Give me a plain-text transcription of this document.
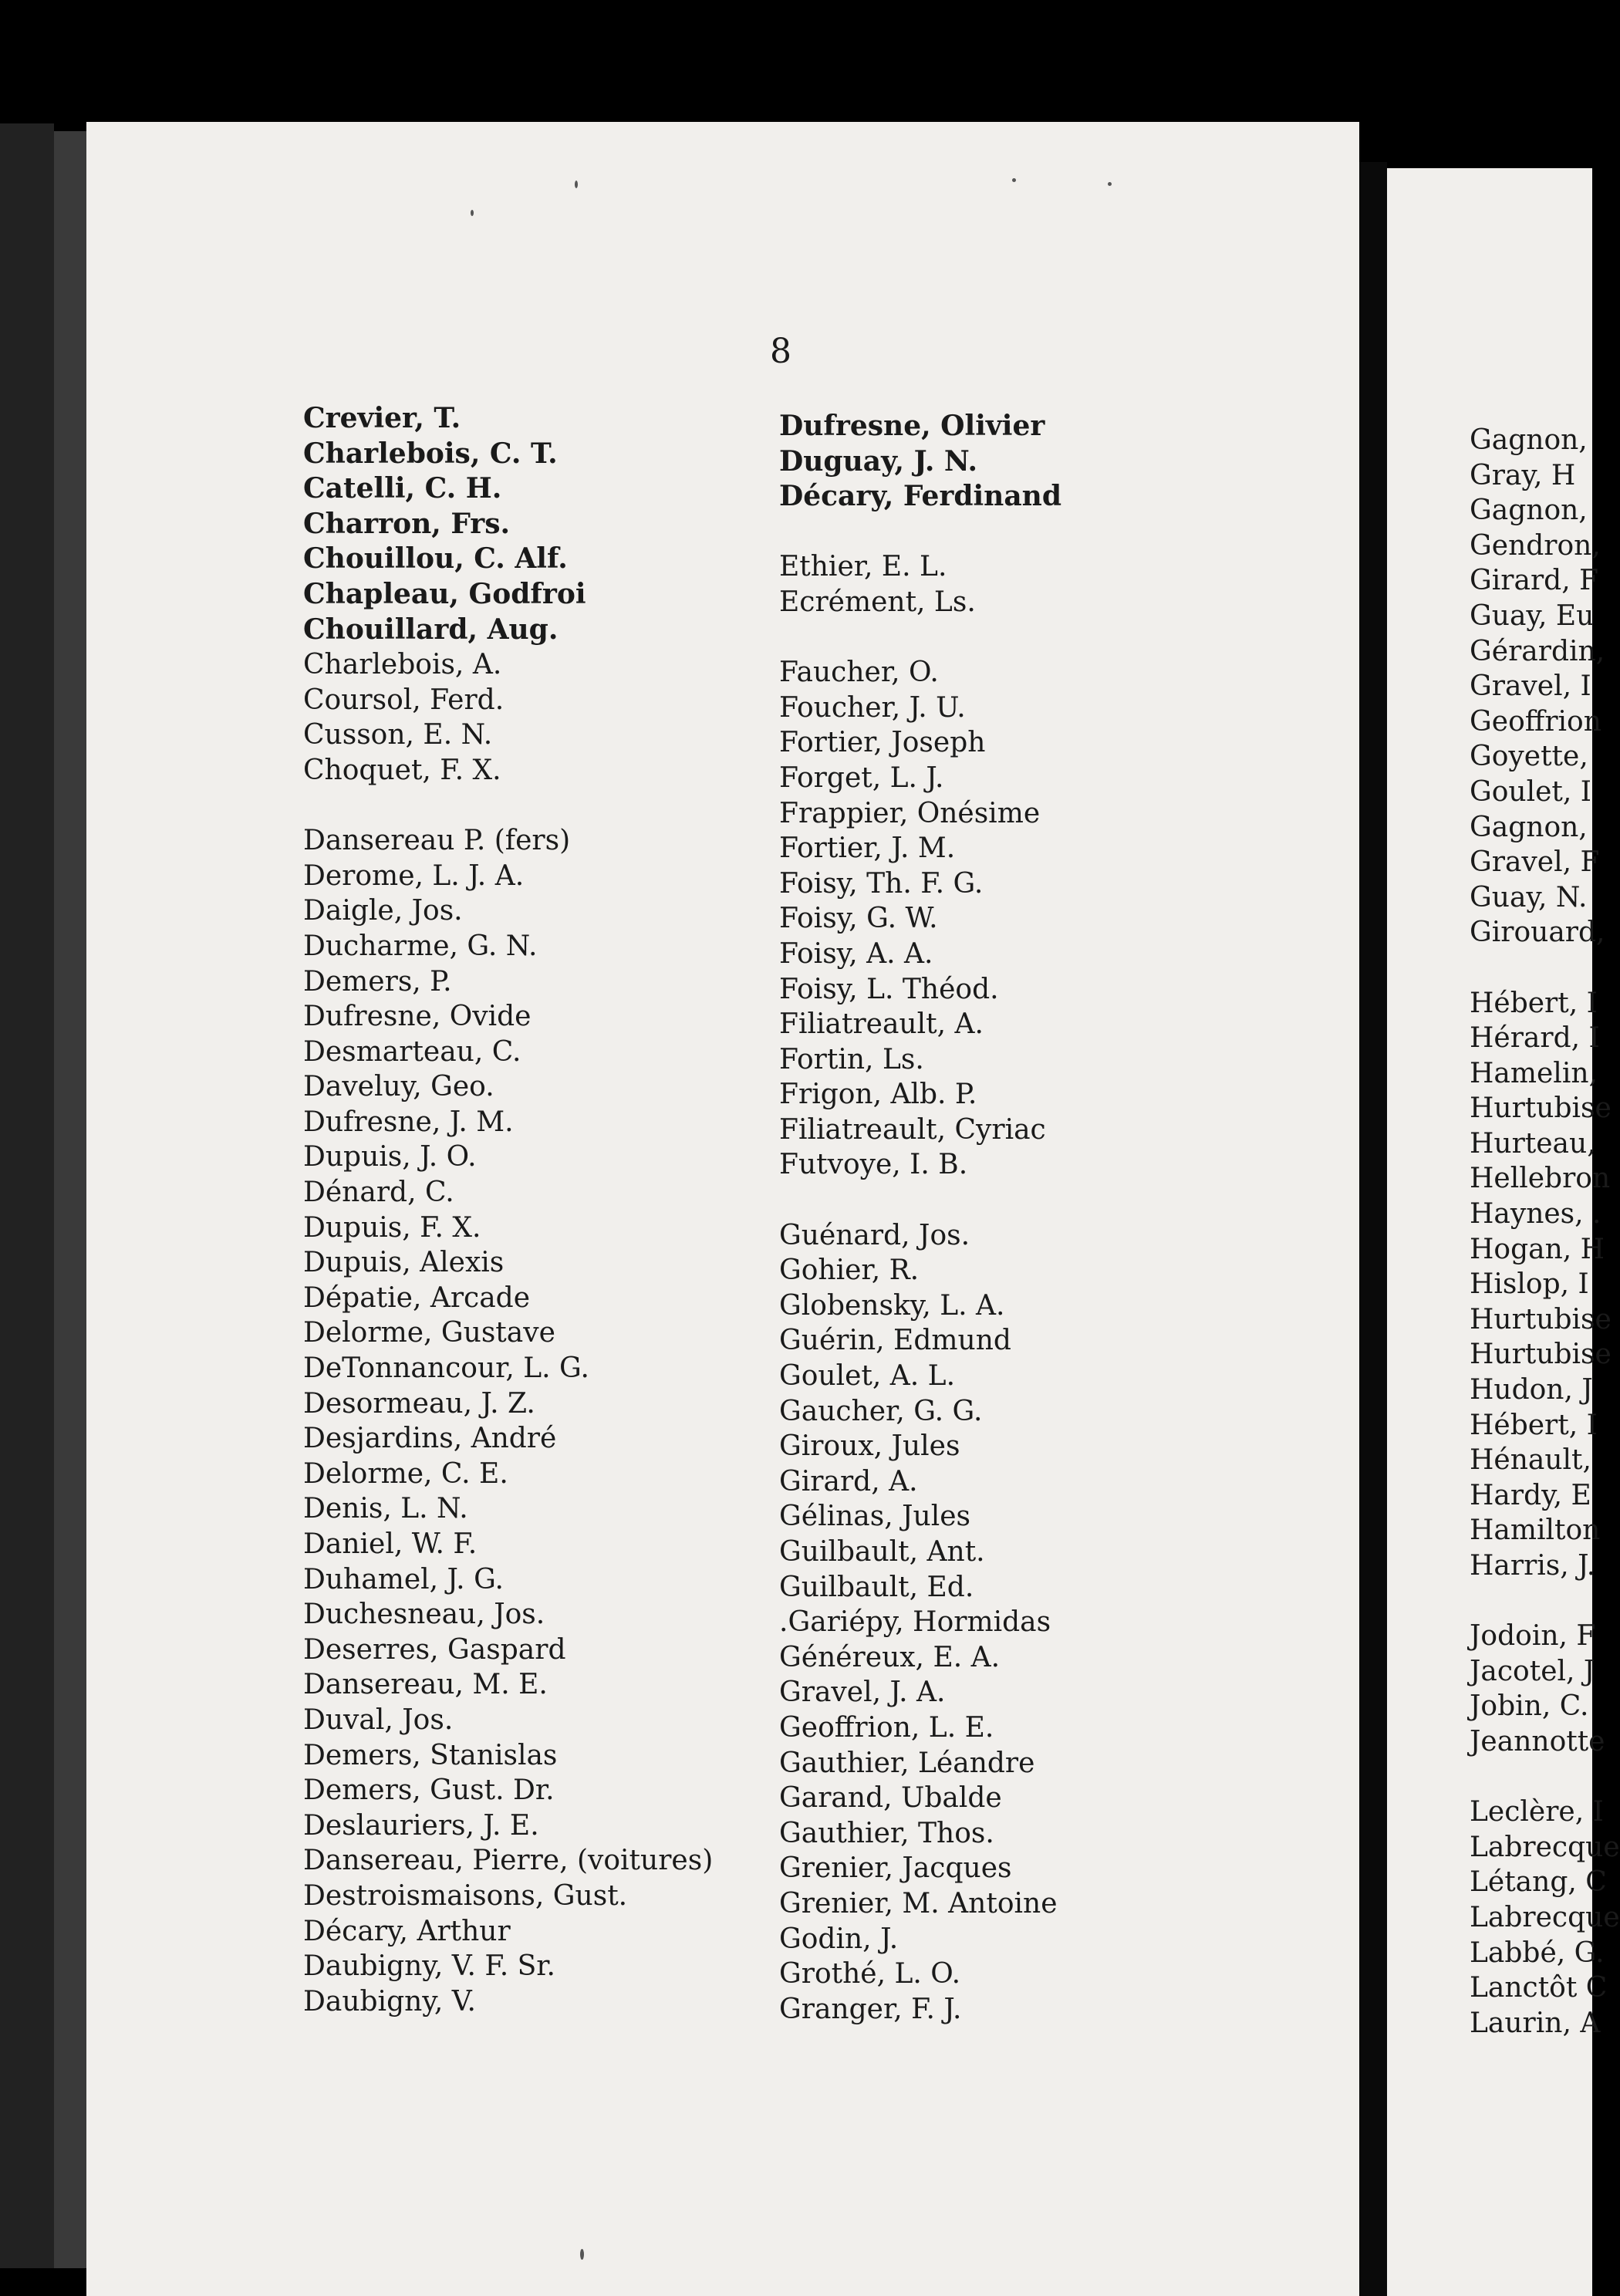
8
Crevier, T.
Charlebois, C. T.
Catelli, C. H.
Charron, Frs.
Chouillou, C. Alf.
Chapleau, Godfroi
Chouillard, Aug.
Charlebois, A.
Coursol, Ferd.
Cusson, E. N.
Choquet, F. X.
Dansereau P. (fers)
Derome, L. J. A.
Daigle, Jos.
Ducharme, G. N.
Demers, P.
Dufresne, Ovide
Desmarteau, C.
Daveluy, Geo.
Dufresne, J. M.
Dupuis, J. O.
Dénard, C.
Dupuis, F. X.
Dupuis, Alexis
Dépatie, Arcade
Delorme, Gustave
DeTonnancour, L. G.
Desormeau, J. Z.
Desjardins, André
Delorme, C. E.
Denis, L. N.
Daniel, W. F.
Duhamel, J. G.
Duchesneau, Jos.
Deserres, Gaspard
Dansereau, M. E.
Duval, Jos.
Demers, Stanislas
Demers, Gust. Dr.
Deslauriers, J. E.
Dansereau, Pierre, (voitures)
Destroismaisons, Gust.
Décary, Arthur
Daubigny, V. F. Sr.
Daubigny, V.
Dufresne, Olivier
Duguay, J. N.
Décary, Ferdinand
Ethier, E. L.
Ecrément, Ls.
Faucher, O.
Foucher, J. U.
Fortier, Joseph
Forget, L. J.
Frappier, Onésime
Fortier, J. M.
Foisy, Th. F. G.
Foisy, G. W.
Foisy, A. A.
Foisy, L. Théod.
Filiatreault, A.
Fortin, Ls.
Frigon, Alb. P.
Filiatreault, Cyriac
Futvoye, I. B.
Guénard, Jos.
Gohier, R.
Globensky, L. A.
Guérin, Edmund
Goulet, A. L.
Gaucher, G. G.
Giroux, Jules
Girard, A.
Gélinas, Jules
Guilbault, Ant.
Guilbault, Ed.
.Gariépy, Hormidas
Généreux, E. A.
Gravel, J. A.
Geoffrion, L. E.
Gauthier, Léandre
Garand, Ubalde
Gauthier, Thos.
Grenier, Jacques
Grenier, M. Antoine
Godin, J.
Grothé, L. O.
Granger, F. J.
Gagnon,
Gray, H
Gagnon,
Gendron,
Girard, F
Guay, Eu
Gérardin,
Gravel, I
Geoffrion
Goyette,
Goulet, I
Gagnon,
Gravel, F
Guay, N.
Girouard,
Hébert, I
Hérard, I
Hamelin,
Hurtubise
Hurteau,
Hellebron
Haynes, .
Hogan, H
Hislop, I
Hurtubise
Hurtubise
Hudon, J
Hébert, I
Hénault,
Hardy, E
Hamilton
Harris, J.
Jodoin, F
Jacotel, J
Jobin, C.
Jeannotte
Leclère, I
Labrecque
Létang, C
Labrecque
Labbé, G.
Lanctôt C
Laurin, A
